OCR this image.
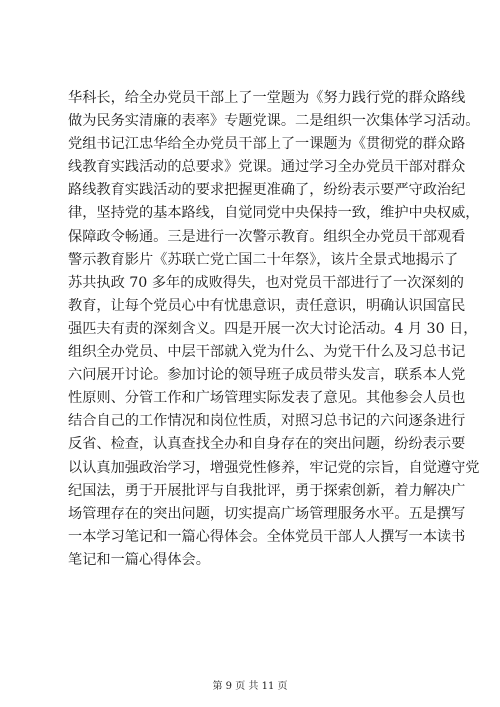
华科长，给全办党员干部上了一堂题为《努力践行党的群众路线
做为民务实清廉的表率》专题党课。二是组织一次集体学习活动。
党组书记江忠华给全办党员干部上了一课题为《贯彻党的群众路
线教育实践活动的总要求》党课。通过学习全办党员干部对群众
路线教育实践活动的要求把握更准确了，纷纷表示要严守政治纪
律，坚持党的基本路线，自觉同党中央保持一致，维护中央权威，
保障政令畅通。三是进行一次警示教育。组织全办党员干部观看
警示教育影片《苏联亡党亡国二十年祭》，该片全景式地揭示了
苏共执政 70 多年的成败得失，也对党员干部进行了一次深刻的
教育，让每个党员心中有忧患意识，责任意识，明确认识国富民
强匹夫有责的深刻含义。四是开展一次大讨论活动。4 月 30 日，
组织全办党员、中层干部就入党为什么、为党干什么及习总书记
六问展开讨论。参加讨论的领导班子成员带头发言，联系本人党
性原则、分管工作和广场管理实际发表了意见。其他参会人员也
结合自己的工作情况和岗位性质，对照习总书记的六问逐条进行
反省、检查，认真查找全办和自身存在的突出问题，纷纷表示要
以认真加强政治学习，增强党性修养，牢记党的宗旨，自觉遵守党
纪国法，勇于开展批评与自我批评，勇于探索创新，着力解决广
场管理存在的突出问题，切实提高广场管理服务水平。五是撰写
一本学习笔记和一篇心得体会。全体党员干部人人撰写一本读书
笔记和一篇心得体会。
第 9 页 共 11 页
